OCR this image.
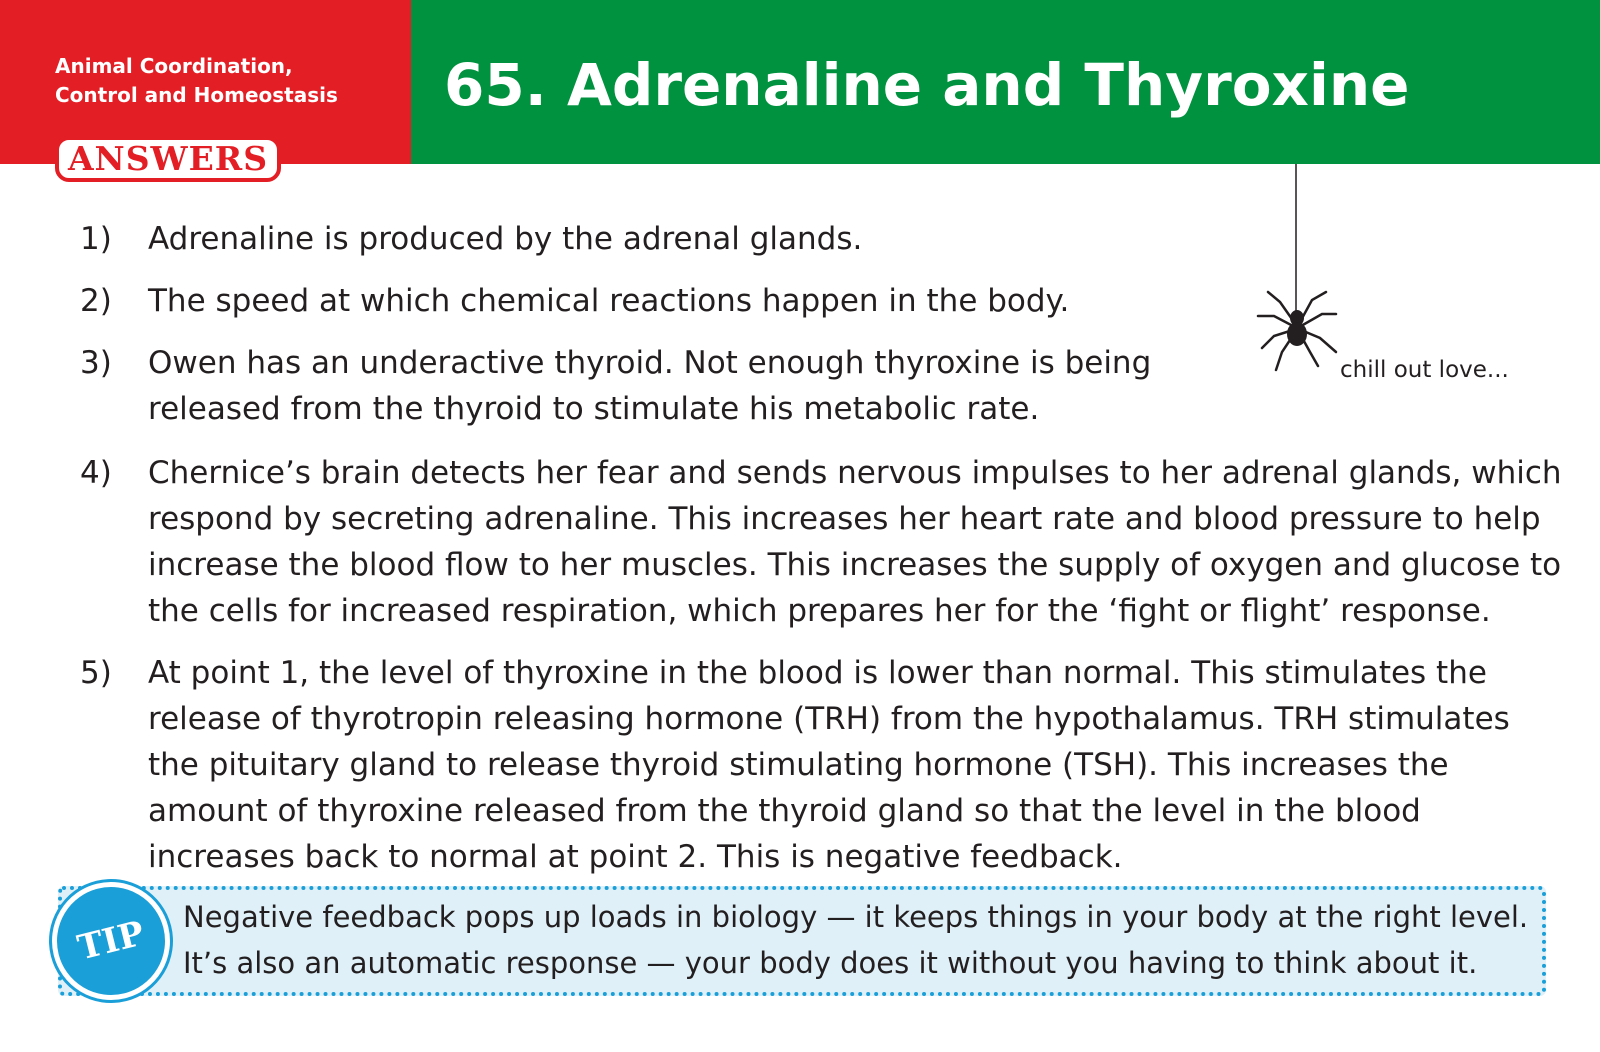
Animal Coordination,
Control and Homeostasis	65. Adrenaline and Thyroxine
ANSWERS

chill out love...

1) Adrenaline is produced by the adrenal glands.

2) The speed at which chemical reactions happen in the body.

3) Owen has an underactive thyroid. Not enough thyroxine is being
released from the thyroid to stimulate his metabolic rate.

4) Chernice’s brain detects her fear and sends nervous impulses to her adrenal glands, which
respond by secreting adrenaline. This increases her heart rate and blood pressure to help
increase the blood flow to her muscles. This increases the supply of oxygen and glucose to
the cells for increased respiration, which prepares her for the ‘fight or flight’ response.

5) At point 1, the level of thyroxine in the blood is lower than normal. This stimulates the
release of thyrotropin releasing hormone (TRH) from the hypothalamus. TRH stimulates
the pituitary gland to release thyroid stimulating hormone (TSH). This increases the
amount of thyroxine released from the thyroid gland so that the level in the blood
increases back to normal at point 2. This is negative feedback.

TIP	Negative feedback pops up loads in biology — it keeps things in your body at the right level.
It’s also an automatic response — your body does it without you having to think about it.
